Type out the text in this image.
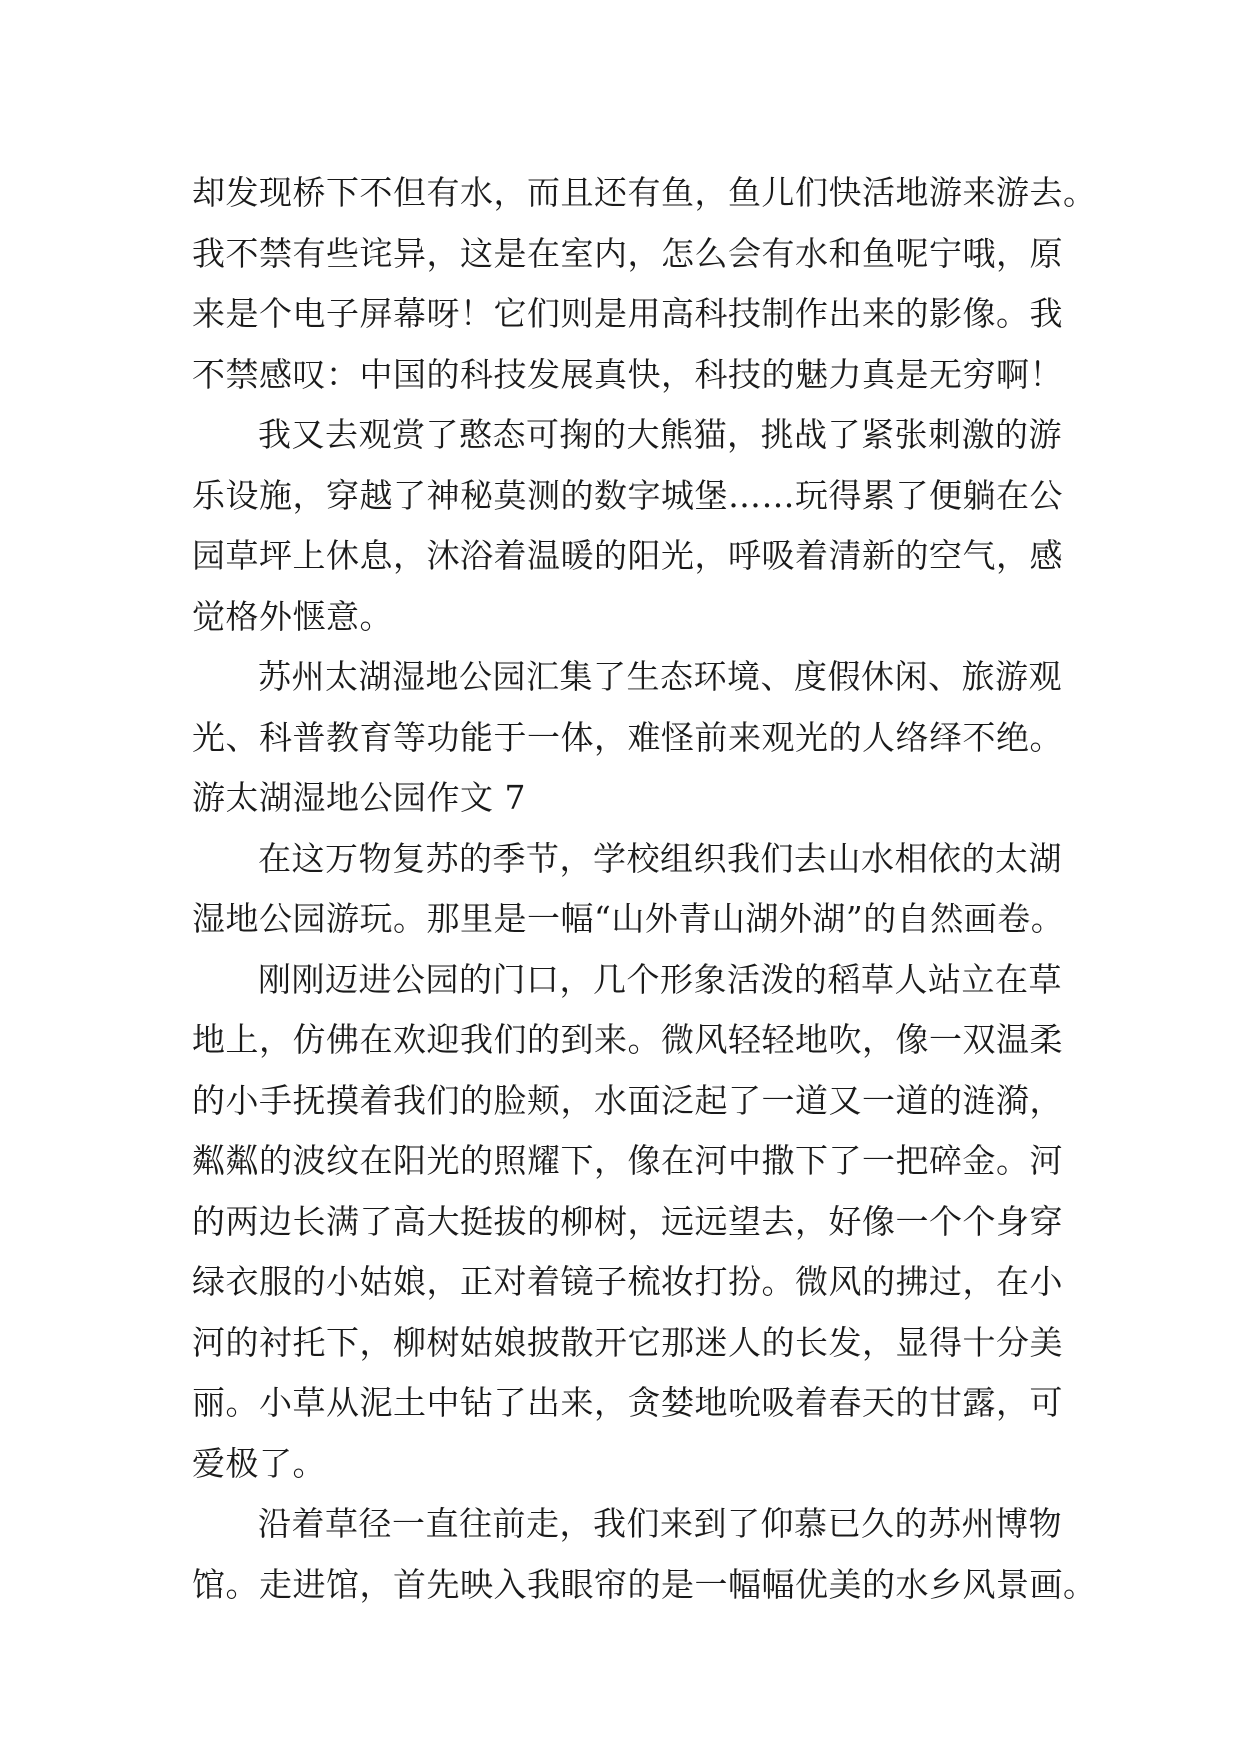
却发现桥下不但有水，而且还有鱼，鱼儿们快活地游来游去。
我不禁有些诧异，这是在室内，怎么会有水和鱼呢宁哦，原
来是个电子屏幕呀！它们则是用高科技制作出来的影像。我
不禁感叹：中国的科技发展真快，科技的魅力真是无穷啊！
我又去观赏了憨态可掬的大熊猫，挑战了紧张刺激的游
乐设施，穿越了神秘莫测的数字城堡……玩得累了便躺在公
园草坪上休息，沐浴着温暖的阳光，呼吸着清新的空气，感
觉格外惬意。
苏州太湖湿地公园汇集了生态环境、度假休闲、旅游观
光、科普教育等功能于一体，难怪前来观光的人络绎不绝。
游太湖湿地公园作文 7
在这万物复苏的季节，学校组织我们去山水相依的太湖
湿地公园游玩。那里是一幅“山外青山湖外湖”的自然画卷。
刚刚迈进公园的门口，几个形象活泼的稻草人站立在草
地上，仿佛在欢迎我们的到来。微风轻轻地吹，像一双温柔
的小手抚摸着我们的脸颊，水面泛起了一道又一道的涟漪，
粼粼的波纹在阳光的照耀下，像在河中撒下了一把碎金。河
的两边长满了高大挺拔的柳树，远远望去，好像一个个身穿
绿衣服的小姑娘，正对着镜子梳妆打扮。微风的拂过，在小
河的衬托下，柳树姑娘披散开它那迷人的长发，显得十分美
丽。小草从泥土中钻了出来，贪婪地吮吸着春天的甘露，可
爱极了。
沿着草径一直往前走，我们来到了仰慕已久的苏州博物
馆。走进馆，首先映入我眼帘的是一幅幅优美的水乡风景画。
